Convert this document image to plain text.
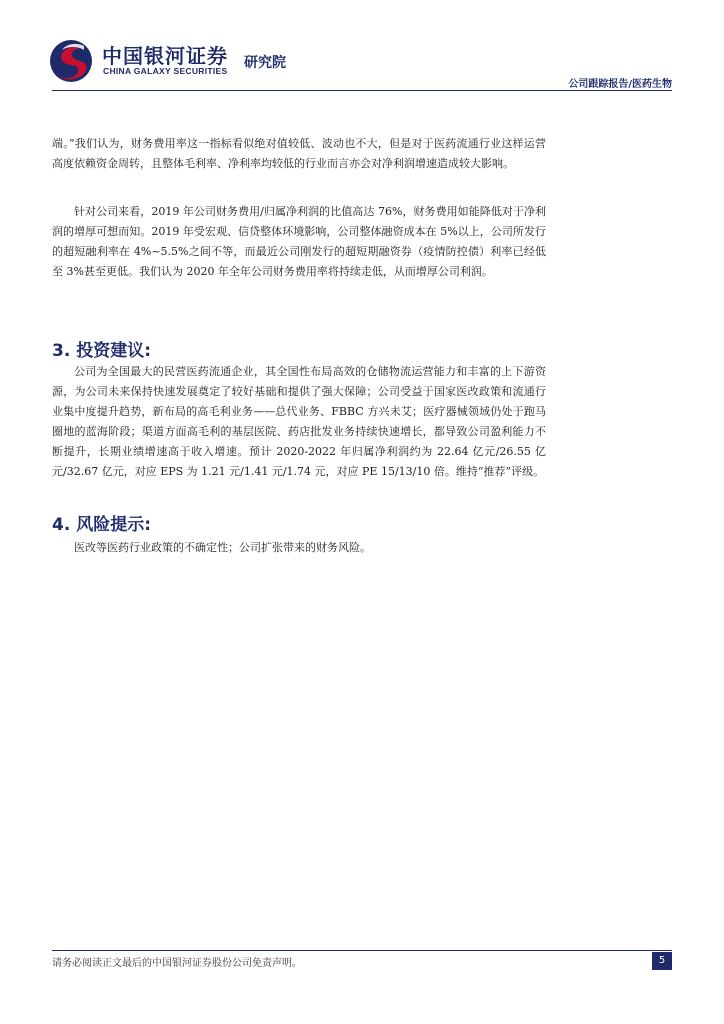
中国银河证券
CHINA GALAXY SECURITIES 研究院
公司跟踪报告/医药生物

端。”我们认为，财务费用率这一指标看似绝对值较低、波动也不大，但是对于医药流通行业这样运营高度依赖资金周转，且整体毛利率、净利率均较低的行业而言亦会对净利润增速造成较大影响。

针对公司来看，2019 年公司财务费用/归属净利润的比值高达 76%，财务费用如能降低对于净利润的增厚可想而知。2019 年受宏观、信贷整体环境影响，公司整体融资成本在 5%以上，公司所发行的超短融利率在 4%~5.5%之间不等，而最近公司刚发行的超短期融资券（疫情防控债）利率已经低至 3%甚至更低。我们认为 2020 年全年公司财务费用率将持续走低，从而增厚公司利润。

3. 投资建议:

公司为全国最大的民营医药流通企业，其全国性布局高效的仓储物流运营能力和丰富的上下游资源，为公司未来保持快速发展奠定了较好基础和提供了强大保障；公司受益于国家医改政策和流通行业集中度提升趋势，新布局的高毛利业务——总代业务、FBBC 方兴未艾；医疗器械领域仍处于跑马圈地的蓝海阶段；渠道方面高毛利的基层医院、药店批发业务持续快速增长，都导致公司盈利能力不断提升，长期业绩增速高于收入增速。预计 2020-2022 年归属净利润约为 22.64 亿元/26.55 亿元/32.67 亿元，对应 EPS 为 1.21 元/1.41 元/1.74 元，对应 PE 15/13/10 倍。维持“推荐”评级。

4. 风险提示:

医改等医药行业政策的不确定性；公司扩张带来的财务风险。

请务必阅读正文最后的中国银河证券股份公司免责声明。	5
